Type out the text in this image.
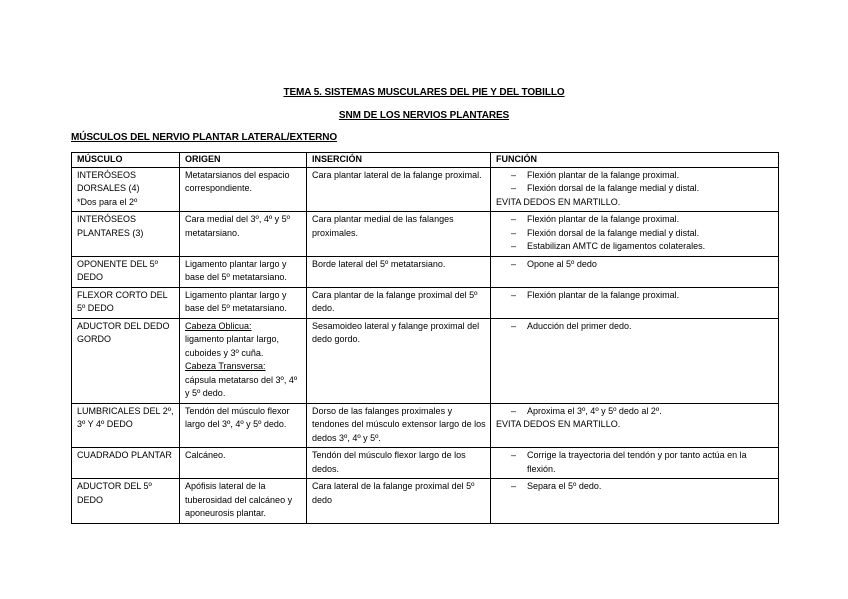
TEMA 5. SISTEMAS MUSCULARES DEL PIE Y DEL TOBILLO
SNM DE LOS NERVIOS PLANTARES
MÚSCULOS DEL NERVIO PLANTAR LATERAL/EXTERNO
MÚSCULO	ORIGEN	INSERCIÓN	FUNCIÓN

INTERÓSEOS DORSALES (4)
*Dos para el 2º	Metatarsianos del espacio correspondiente.	Cara plantar lateral de la falange proximal.	– Flexión plantar de la falange proximal.
– Flexión dorsal de la falange medial y distal.
EVITA DEDOS EN MARTILLO.

INTERÓSEOS PLANTARES (3)	Cara medial del 3º, 4º y 5º metatarsiano.	Cara plantar medial de las falanges proximales.	– Flexión plantar de la falange proximal.
– Flexión dorsal de la falange medial y distal.
– Estabilizan AMTC de ligamentos colaterales.

OPONENTE DEL 5º DEDO	Ligamento plantar largo y base del 5º metatarsiano.	Borde lateral del 5º metatarsiano.	– Opone al 5º dedo

FLEXOR CORTO DEL 5º DEDO	Ligamento plantar largo y base del 5º metatarsiano.	Cara plantar de la falange proximal del 5º dedo.	– Flexión plantar de la falange proximal.

ADUCTOR DEL DEDO GORDO	Cabeza Oblicua:
ligamento plantar largo, cuboides y 3º cuña.
Cabeza Transversa:
cápsula metatarso del 3º, 4º y 5º dedo.	Sesamoideo lateral y falange proximal del dedo gordo.	– Aducción del primer dedo.

LUMBRICALES DEL 2º, 3º Y 4º DEDO	Tendón del músculo flexor largo del 3º, 4º y 5º dedo.	Dorso de las falanges proximales y tendones del músculo extensor largo de los dedos 3º, 4º y 5º.	– Aproxima el 3º, 4º y 5º dedo al 2º.
EVITA DEDOS EN MARTILLO.

CUADRADO PLANTAR	Calcáneo.	Tendón del músculo flexor largo de los dedos.	– Corrige la trayectoria del tendón y por tanto actúa en la flexión.

ADUCTOR DEL 5º DEDO	Apófisis lateral de la tuberosidad del calcáneo y aponeurosis plantar.	Cara lateral de la falange proximal del 5º dedo	– Separa el 5º dedo.
